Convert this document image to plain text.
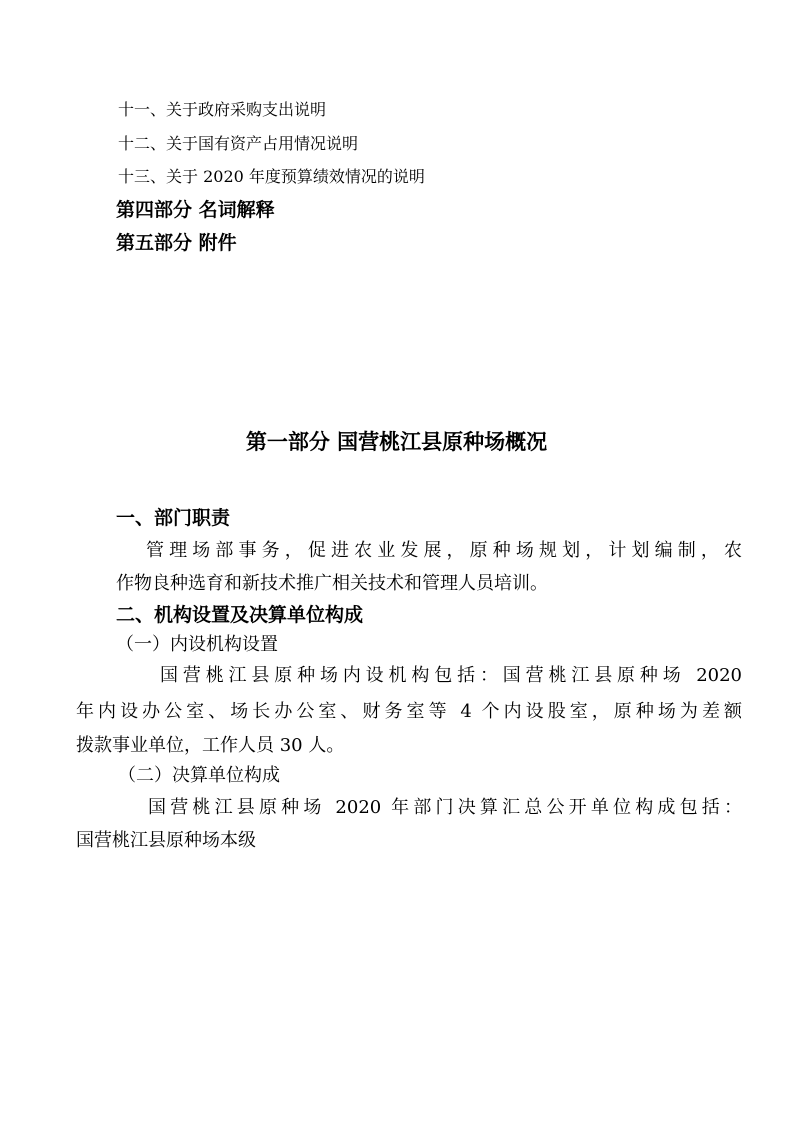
十一、关于政府采购支出说明

十二、关于国有资产占用情况说明

十三、关于 2020 年度预算绩效情况的说明

第四部分 名词解释

第五部分 附件

第一部分 国营桃江县原种场概况
一、部门职责

管理场部事务，促进农业发展，原种场规划，计划编制，农

作物良种选育和新技术推广相关技术和管理人员培训。

二、机构设置及决算单位构成
（一）内设机构设置

国营桃江县原种场内设机构包括：国营桃江县原种场 2020

年内设办公室、场长办公室、财务室等 4 个内设股室，原种场为差额

拨款事业单位，工作人员 30 人。

（二）决算单位构成

国营桃江县原种场 2020 年部门决算汇总公开单位构成包括：

国营桃江县原种场本级
